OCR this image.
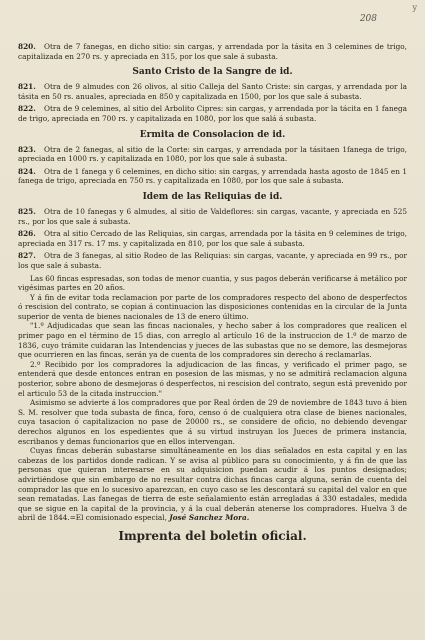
y
208

820. Otra de 7 fanegas, en dicho sitio: sin cargas, y arrendada por la tásita en 3 celemines de trigo, capitalizada en 270 rs. y apreciada en 315, por los que sale á subasta.

Santo Cristo de la Sangre de id.

821. Otra de 9 almudes con 26 olivos, al sitio Calleja del Santo Criste: sin cargas, y arrendada por la tásita en 50 rs. anuales, apreciada en 850 y capitalizada en 1500, por los que sale á subasta.

822. Otra de 9 celemines, al sitio del Arbolito Cipres: sin cargas, y arrendada por la tácita en 1 fanega de trigo, apreciada en 700 rs. y capitalizada en 1080, por los que salá á subasta.

Ermita de Consolacion de id.

823. Otra de 2 fanegas, al sitio de la Corte: sin cargas, y arrendada por la tásitaen 1fanega de trigo, apreciada en 1000 rs. y capitalizada en 1080, por los que sale á subasta.

824. Otra de 1 fanega y 6 celemines, en dicho sitio: sin cargas, y arrendada hasta agosto de 1845 en 1 fanega de trigo, apreciada en 750 rs. y capitalizada en 1080, por los que sale á subasta.

Idem de las Reliquias de id.

825. Otra de 10 fanegas y 6 almudes, al sitio de Valdeflores: sin cargas, vacante, y apreciada en 525 rs., por los que sale á subasta.

826. Otra al sitio Cercado de las Reliquias, sin cargas, arrendada por la tásita en 9 celemines de trigo, apreciada en 317 rs. 17 ms. y capitalizada en 810, por los que sale á subasta.

827. Otra de 3 fanegas, al sitio Rodeo de las Reliquias: sin cargas, vacante, y apreciada en 99 rs., por los que sale á subasta.

Las 60 fincas espresadas, son todas de menor cuantia, y sus pagos deberán verificarse á metálico por vigésimas partes en 20 años.

Y á fin de evitar toda reclamacion por parte de los compradores respecto del abono de desperfectos ó rescision del contrato, se copian á continuacion las disposiciones contenidas en la circular de la Junta superior de venta de bienes nacionales de 13 de enero último.

"1.º Adjudicadas que sean las fincas nacionales, y hecho saber á los compradores que realicen el primer pago en el término de 15 dias, con arreglo al artículo 16 de la instruccion de 1.º de marzo de 1836, cuyo trámite cuidaran las Intendencias y jueces de las subastas que no se demore, las desmejoras que ocurrieren en las fincas, serán ya de cuenta de los compradores sin derecho á reclamarlas.

2.º Recibido por los compradores la adjudicacion de las fincas, y verificado el primer pago, se entenderá que desde entonces entran en posesion de las mismas, y no se admitirá reclamacion alguna posterior, sobre abono de desmejoras ó desperfectos, ni rescision del contrato, segun está prevenido por el articulo 53 de la citada instruccion."

Asimismo se advierte á los compradores que por Real órden de 29 de noviembre de 1843 tuvo á bien S. M. resolver que toda subasta de finca, foro, censo ó de cualquiera otra clase de bienes nacionales, cuya tasacion ó capitalizacion no pase de 20000 rs., se considere de oficio, no debiendo devengar derechos algunos en los espedientes que á su virtud instruyan los Jueces de primera instancia, escribanos y demas funcionarios que en ellos intervengan.

Cuyas fincas deberán subastarse simultáneamente en los dias señalados en esta capital y en las cabezas de los partidos donde radican. Y se avisa al público para su conocimiento, y á fin de que las personas que quieran interesarse en su adquisicion puedan acudir á los puntos designados; advirtiéndose que sin embargo de no resultar contra dichas fincas carga alguna, serán de cuenta del comprador las que en lo sucesivo aparezcan, en cuyo caso se les descontará su capital del valor en que sean rematadas. Las fanegas de tierra de este señalamiento están arregladas á 330 estadales, medida que se sigue en la capital de la provincia, y á la cual deberán atenerse los compradores. Huelva 3 de abril de 1844.=El comisionado especial, José Sanchez Mora.

Imprenta del boletin oficial.
